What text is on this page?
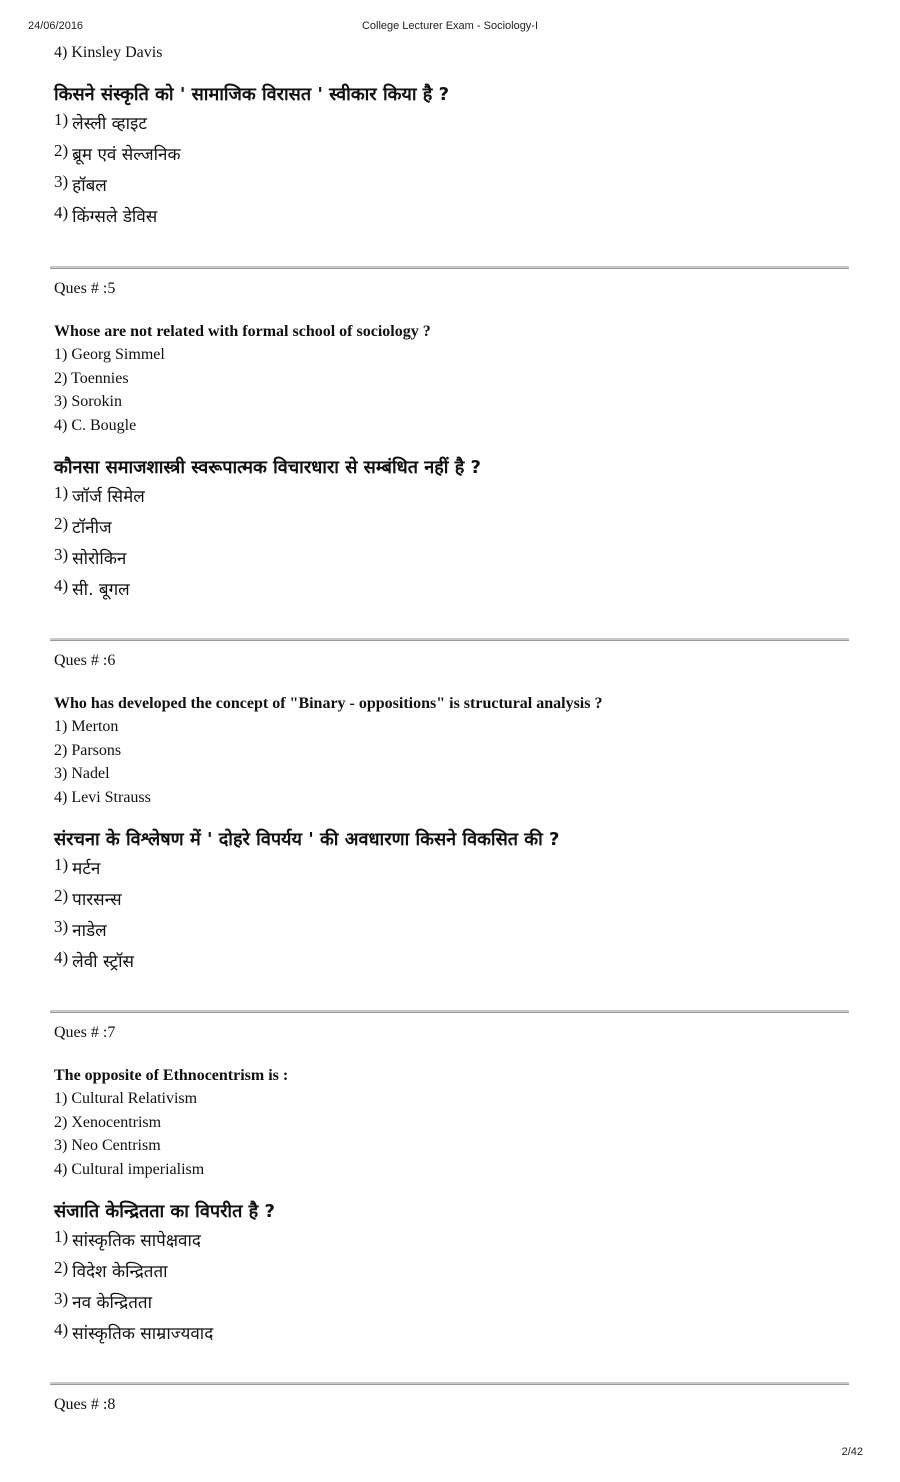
24/06/2016	College Lecturer Exam - Sociology-I
4) Kinsley Davis
किसने संस्कृति को ' सामाजिक विरासत ' स्वीकार किया है ?
1) लेस्ली व्हाइट
2) ब्रूम एवं सेल्जनिक
3) हॉबल
4) किंग्सले डेविस
Ques # :5
Whose are not related with formal school of sociology ?
1) Georg Simmel
2) Toennies
3) Sorokin
4) C. Bougle
कौनसा समाजशास्त्री स्वरूपात्मक विचारधारा से सम्बंधित नहीं है ?
1) जॉर्ज सिमेल
2) टॉनीज
3) सोरोकिन
4) सी. बूगल
Ques # :6
Who has developed the concept of "Binary - oppositions" is structural analysis ?
1) Merton
2) Parsons
3) Nadel
4) Levi Strauss
संरचना के विश्लेषण में ' दोहरे विपर्यय ' की अवधारणा किसने विकसित की ?
1) मर्टन
2) पारसन्स
3) नाडेल
4) लेवी स्ट्रॉस
Ques # :7
The opposite of Ethnocentrism is :
1) Cultural Relativism
2) Xenocentrism
3) Neo Centrism
4) Cultural imperialism
संजाति केन्द्रितता का विपरीत है ?
1) सांस्कृतिक सापेक्षवाद
2) विदेश केन्द्रितता
3) नव केन्द्रितता
4) सांस्कृतिक साम्राज्यवाद
Ques # :8
2/42
